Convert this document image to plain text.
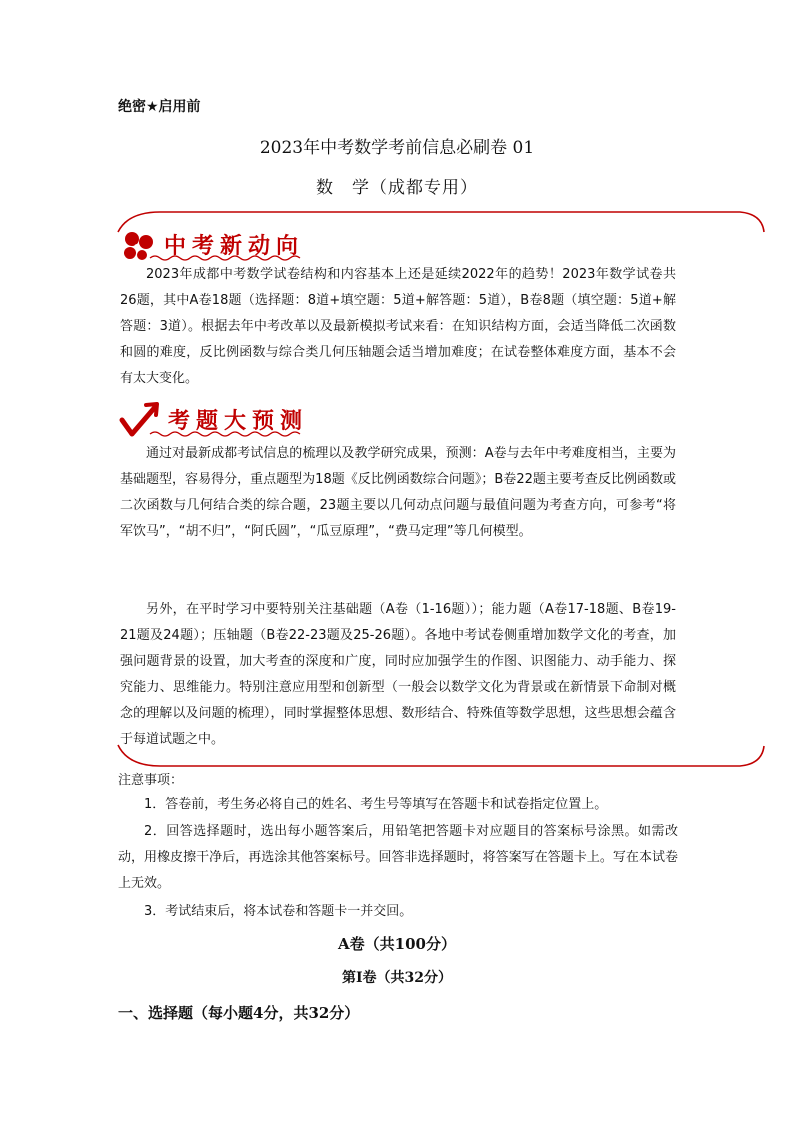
绝密★启用前
2023年中考数学考前信息必刷卷 01
数　学（成都专用）
中考新动向
2023年成都中考数学试卷结构和内容基本上还是延续2022年的趋势！2023年数学试卷共26题，其中A卷18题（选择题：8道+填空题：5道+解答题：5道），B卷8题（填空题：5道+解答题：3道）。根据去年中考改革以及最新模拟考试来看：在知识结构方面，会适当降低二次函数和圆的难度，反比例函数与综合类几何压轴题会适当增加难度；在试卷整体难度方面，基本不会有太大变化。
考题大预测
通过对最新成都考试信息的梳理以及教学研究成果，预测：A卷与去年中考难度相当，主要为基础题型，容易得分，重点题型为18题《反比例函数综合问题》；B卷22题主要考查反比例函数或二次函数与几何结合类的综合题，23题主要以几何动点问题与最值问题为考查方向，可参考“将军饮马”，“胡不归”，“阿氏圆”，“瓜豆原理”，“费马定理”等几何模型。
另外，在平时学习中要特别关注基础题（A卷（1-16题））；能力题（A卷17-18题、B卷19-21题及24题）；压轴题（B卷22-23题及25-26题）。各地中考试卷侧重增加数学文化的考查，加强问题背景的设置，加大考查的深度和广度，同时应加强学生的作图、识图能力、动手能力、探究能力、思维能力。特别注意应用型和创新型（一般会以数学文化为背景或在新情景下命制对概念的理解以及问题的梳理），同时掌握整体思想、数形结合、特殊值等数学思想，这些思想会蕴含于每道试题之中。
注意事项：
1．答卷前，考生务必将自己的姓名、考生号等填写在答题卡和试卷指定位置上。
2．回答选择题时，选出每小题答案后，用铅笔把答题卡对应题目的答案标号涂黑。如需改动，用橡皮擦干净后，再选涂其他答案标号。回答非选择题时，将答案写在答题卡上。写在本试卷上无效。
3．考试结束后，将本试卷和答题卡一并交回。
A卷（共100分）
第Ⅰ卷（共32分）
一、选择题（每小题4分，共32分）
